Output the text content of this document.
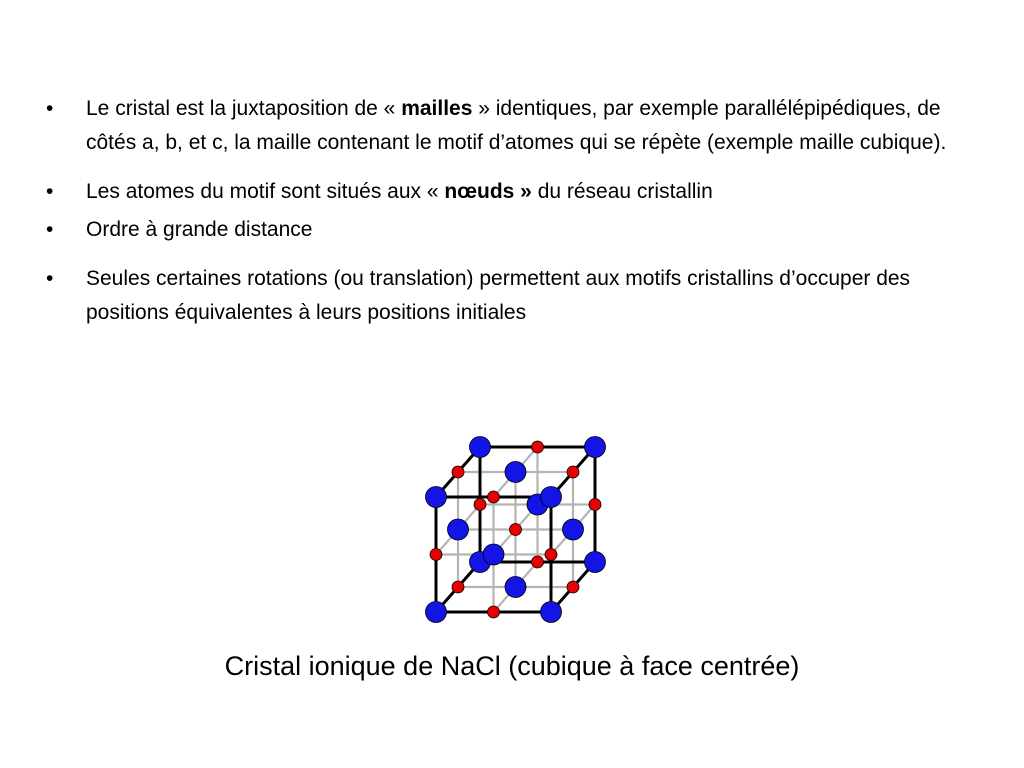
•	Le cristal est la juxtaposition de « mailles » identiques, par exemple parallélépipédiques, de côtés a, b, et c, la maille contenant le motif d’atomes qui se répète (exemple maille cubique).
•	Les atomes du motif sont situés aux « nœuds » du réseau cristallin
•	Ordre à grande distance
•	Seules certaines rotations (ou translation) permettent aux motifs cristallins d’occuper des positions équivalentes à leurs positions initiales
Cristal ionique de NaCl (cubique à face centrée)
